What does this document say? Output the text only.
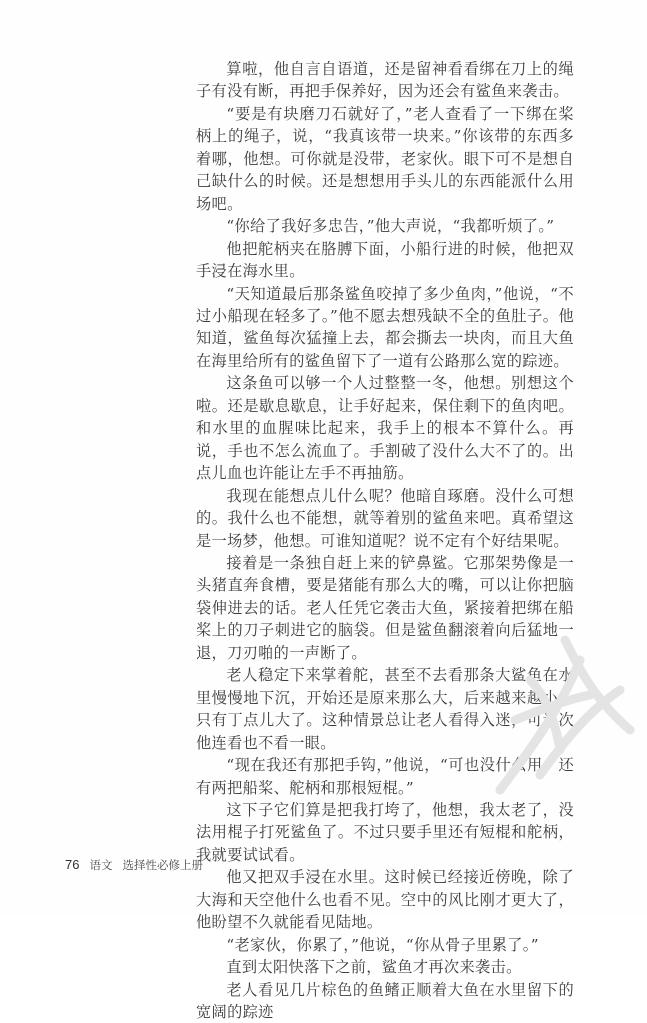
算啦，他自言自语道，还是留神看看绑在刀上的绳子有没有断，再把手保养好，因为还会有鲨鱼来袭击。

“要是有块磨刀石就好了，”老人查看了一下绑在桨柄上的绳子，说，“我真该带一块来。”你该带的东西多着哪，他想。可你就是没带，老家伙。眼下可不是想自己缺什么的时候。还是想想用手头儿的东西能派什么用场吧。

“你给了我好多忠告，”他大声说，“我都听烦了。”

他把舵柄夹在胳膊下面，小船行进的时候，他把双手浸在海水里。

“天知道最后那条鲨鱼咬掉了多少鱼肉，”他说，“不过小船现在轻多了。”他不愿去想残缺不全的鱼肚子。他知道，鲨鱼每次猛撞上去，都会撕去一块肉，而且大鱼在海里给所有的鲨鱼留下了一道有公路那么宽的踪迹。

这条鱼可以够一个人过整整一冬，他想。别想这个啦。还是歇息歇息，让手好起来，保住剩下的鱼肉吧。和水里的血腥味比起来，我手上的根本不算什么。再说，手也不怎么流血了。手割破了没什么大不了的。出点儿血也许能让左手不再抽筋。

我现在能想点儿什么呢？他暗自琢磨。没什么可想的。我什么也不能想，就等着别的鲨鱼来吧。真希望这是一场梦，他想。可谁知道呢？说不定有个好结果呢。

接着是一条独自赶上来的铲鼻鲨。它那架势像是一头猪直奔食槽，要是猪能有那么大的嘴，可以让你把脑袋伸进去的话。老人任凭它袭击大鱼，紧接着把绑在船桨上的刀子刺进它的脑袋。但是鲨鱼翻滚着向后猛地一退，刀刃啪的一声断了。

老人稳定下来掌着舵，甚至不去看那条大鲨鱼在水里慢慢地下沉，开始还是原来那么大，后来越来越小，只有丁点儿大了。这种情景总让老人看得入迷，可这次他连看也不看一眼。

“现在我还有那把手钩，”他说，“可也没什么用。还有两把船桨、舵柄和那根短棍。”

这下子它们算是把我打垮了，他想，我太老了，没法用棍子打死鲨鱼了。不过只要手里还有短棍和舵柄，我就要试试看。

他又把双手浸在水里。这时候已经接近傍晚，除了大海和天空他什么也看不见。空中的风比刚才更大了，他盼望不久就能看见陆地。

“老家伙，你累了，”他说，“你从骨子里累了。”

直到太阳快落下之前，鲨鱼才再次来袭击。

老人看见几片棕色的鱼鳍正顺着大鱼在水里留下的宽阔的踪迹

76 语文 选择性必修上册
